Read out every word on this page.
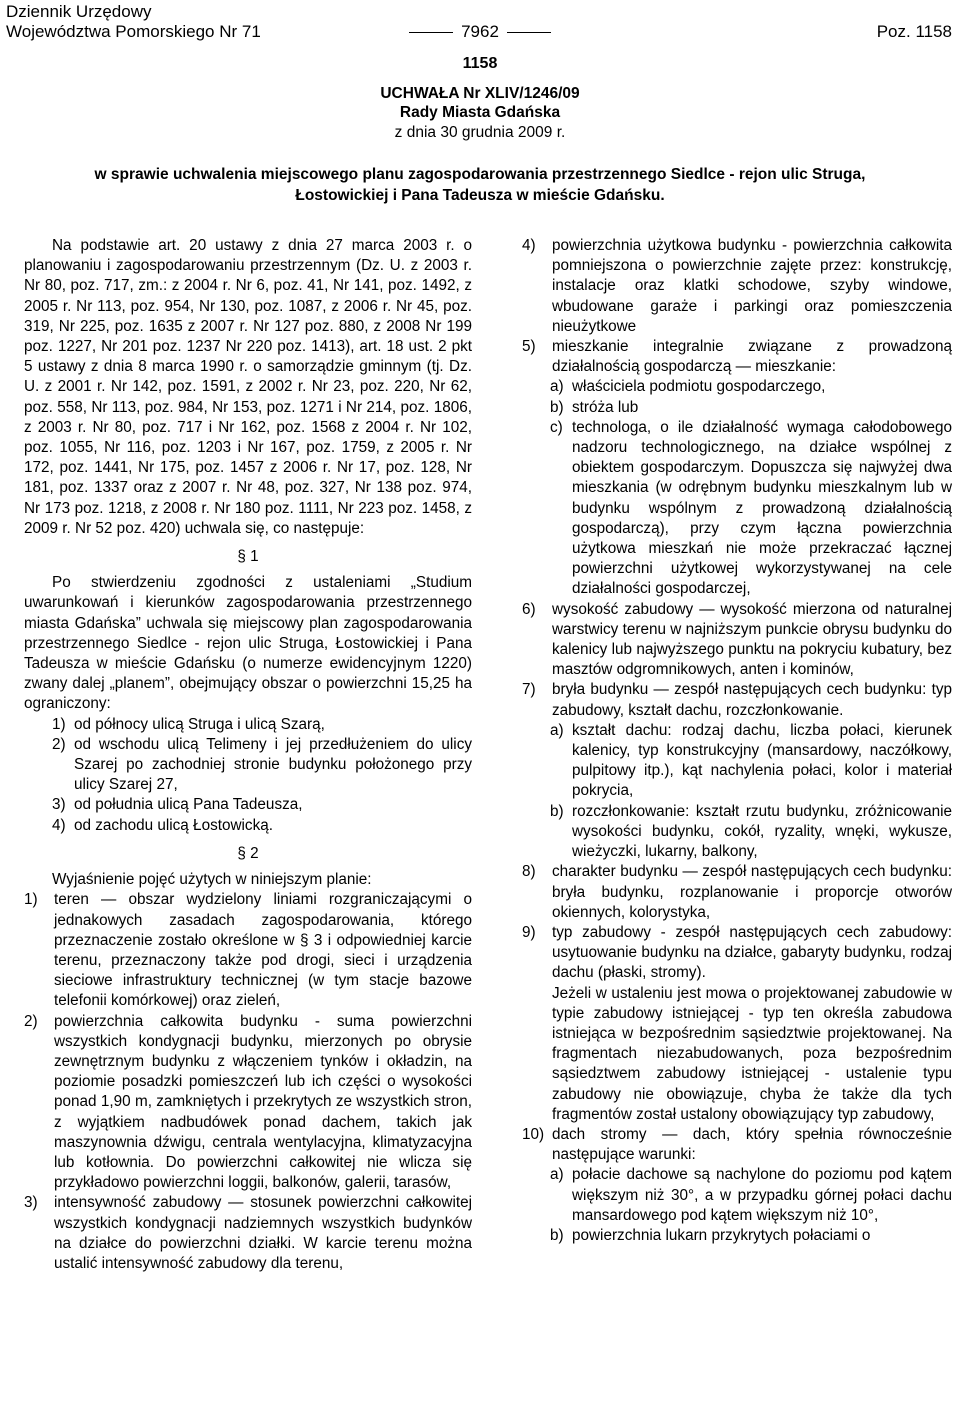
Dziennik Urzędowy
Województwa Pomorskiego Nr 71	7962	Poz. 1158
1158
UCHWAŁA Nr XLIV/1246/09
Rady Miasta Gdańska
z dnia 30 grudnia 2009 r.
w sprawie uchwalenia miejscowego planu zagospodarowania przestrzennego Siedlce - rejon ulic Struga, Łostowickiej i Pana Tadeusza w mieście Gdańsku.

Na podstawie art. 20 ustawy z dnia 27 marca 2003 r. o planowaniu i zagospodarowaniu przestrzennym (Dz. U. z 2003 r. Nr 80, poz. 717, zm.: z 2004 r. Nr 6, poz. 41, Nr 141, poz. 1492, z 2005 r. Nr 113, poz. 954, Nr 130, poz. 1087, z 2006 r. Nr 45, poz. 319, Nr 225, poz. 1635 z 2007 r. Nr 127 poz. 880, z 2008 Nr 199 poz. 1227, Nr 201 poz. 1237 Nr 220 poz. 1413), art. 18 ust. 2 pkt 5 ustawy z dnia 8 marca 1990 r. o samorządzie gminnym (tj. Dz. U. z 2001 r. Nr 142, poz. 1591, z 2002 r. Nr 23, poz. 220, Nr 62, poz. 558, Nr 113, poz. 984, Nr 153, poz. 1271 i Nr 214, poz. 1806, z 2003 r. Nr 80, poz. 717 i Nr 162, poz. 1568 z 2004 r. Nr 102, poz. 1055, Nr 116, poz. 1203 i Nr 167, poz. 1759, z 2005 r. Nr 172, poz. 1441, Nr 175, poz. 1457 z 2006 r. Nr 17, poz. 128, Nr 181, poz. 1337 oraz z 2007 r. Nr 48, poz. 327, Nr 138 poz. 974, Nr 173 poz. 1218, z 2008 r. Nr 180 poz. 1111, Nr 223 poz. 1458, z 2009 r. Nr 52 poz. 420) uchwala się, co następuje:

§ 1

Po stwierdzeniu zgodności z ustaleniami „Studium uwarunkowań i kierunków zagospodarowania przestrzennego miasta Gdańska” uchwala się miejscowy plan zagospodarowania przestrzennego Siedlce - rejon ulic Struga, Łostowickiej i Pana Tadeusza w mieście Gdańsku (o numerze ewidencyjnym 1220) zwany dalej „planem”, obejmujący obszar o powierzchni 15,25 ha ograniczony:

1) od północy ulicą Struga i ulicą Szarą,
2) od wschodu ulicą Telimeny i jej przedłużeniem do ulicy Szarej po zachodniej stronie budynku położonego przy ulicy Szarej 27,
3) od południa ulicą Pana Tadeusza,
4) od zachodu ulicą Łostowicką.
§ 2

Wyjaśnienie pojęć użytych w niniejszym planie:

1)	teren — obszar wydzielony liniami rozgraniczającymi o jednakowych zasadach zagospodarowania, którego przeznaczenie zostało określone w § 3 i odpowiedniej karcie terenu, przeznaczony także pod drogi, sieci i urządzenia sieciowe infrastruktury technicznej (w tym stacje bazowe telefonii komórkowej) oraz zieleń,
2)	powierzchnia całkowita budynku - suma powierzchni wszystkich kondygnacji budynku, mierzonych po obrysie zewnętrznym budynku z włączeniem tynków i okładzin, na poziomie posadzki pomieszczeń lub ich części o wysokości ponad 1,90 m, zamkniętych i przekrytych ze wszystkich stron, z wyjątkiem nadbudówek ponad dachem, takich jak maszynownia dźwigu, centrala wentylacyjna, klimatyzacyjna lub kotłownia. Do powierzchni całkowitej nie wlicza się przykładowo powierzchni loggii, balkonów, galerii, tarasów,
3)	intensywność zabudowy — stosunek powierzchni całkowitej wszystkich kondygnacji nadziemnych wszystkich budynków na działce do powierzchni działki. W karcie terenu można ustalić intensywność zabudowy dla terenu,
4)	powierzchnia użytkowa budynku - powierzchnia całkowita pomniejszona o powierzchnie zajęte przez: konstrukcję, instalacje oraz klatki schodowe, szyby windowe, wbudowane garaże i parkingi oraz pomieszczenia nieużytkowe
5)	mieszkanie integralnie związane z prowadzoną działalnością gospodarczą — mieszkanie:
a) właściciela podmiotu gospodarczego,
b) stróża lub
c) technologa, o ile działalność wymaga całodobowego nadzoru technologicznego, na działce wspólnej z obiektem gospodarczym. Dopuszcza się najwyżej dwa mieszkania (w odrębnym budynku mieszkalnym lub w budynku wspólnym z prowadzoną działalnością gospodarczą), przy czym łączna powierzchnia użytkowa mieszkań nie może przekraczać łącznej powierzchni użytkowej wykorzystywanej na cele działalności gospodarczej,
6)	wysokość zabudowy — wysokość mierzona od naturalnej warstwicy terenu w najniższym punkcie obrysu budynku do kalenicy lub najwyższego punktu na pokryciu kubatury, bez masztów odgromnikowych, anten i kominów,
7)	bryła budynku — zespół następujących cech budynku: typ zabudowy, kształt dachu, rozczłonkowanie.
a) kształt dachu: rodzaj dachu, liczba połaci, kierunek kalenicy, typ konstrukcyjny (mansardowy, naczółkowy, pulpitowy itp.), kąt nachylenia połaci, kolor i materiał pokrycia,
b) rozczłonkowanie: kształt rzutu budynku, zróżnicowanie wysokości budynku, cokół, ryzality, wnęki, wykusze, wieżyczki, lukarny, balkony,
8)	charakter budynku — zespół następujących cech budynku: bryła budynku, rozplanowanie i proporcje otworów okiennych, kolorystyka,
9)	typ zabudowy - zespół następujących cech zabudowy: usytuowanie budynku na działce, gabaryty budynku, rodzaj dachu (płaski, stromy).

Jeżeli w ustaleniu jest mowa o projektowanej zabudowie w typie zabudowy istniejącej - typ ten określa zabudowa istniejąca w bezpośrednim sąsiedztwie projektowanej. Na fragmentach niezabudowanych, poza bezpośrednim sąsiedztwem zabudowy istniejącej - ustalenie typu zabudowy nie obowiązuje, chyba że także dla tych fragmentów został ustalony obowiązujący typ zabudowy,

10) dach stromy — dach, który spełnia równocześnie następujące warunki:
a) połacie dachowe są nachylone do poziomu pod kątem większym niż 30°, a w przypadku górnej połaci dachu mansardowego pod kątem większym niż 10°,
b) powierzchnia lukarn przykrytych połaciami o
